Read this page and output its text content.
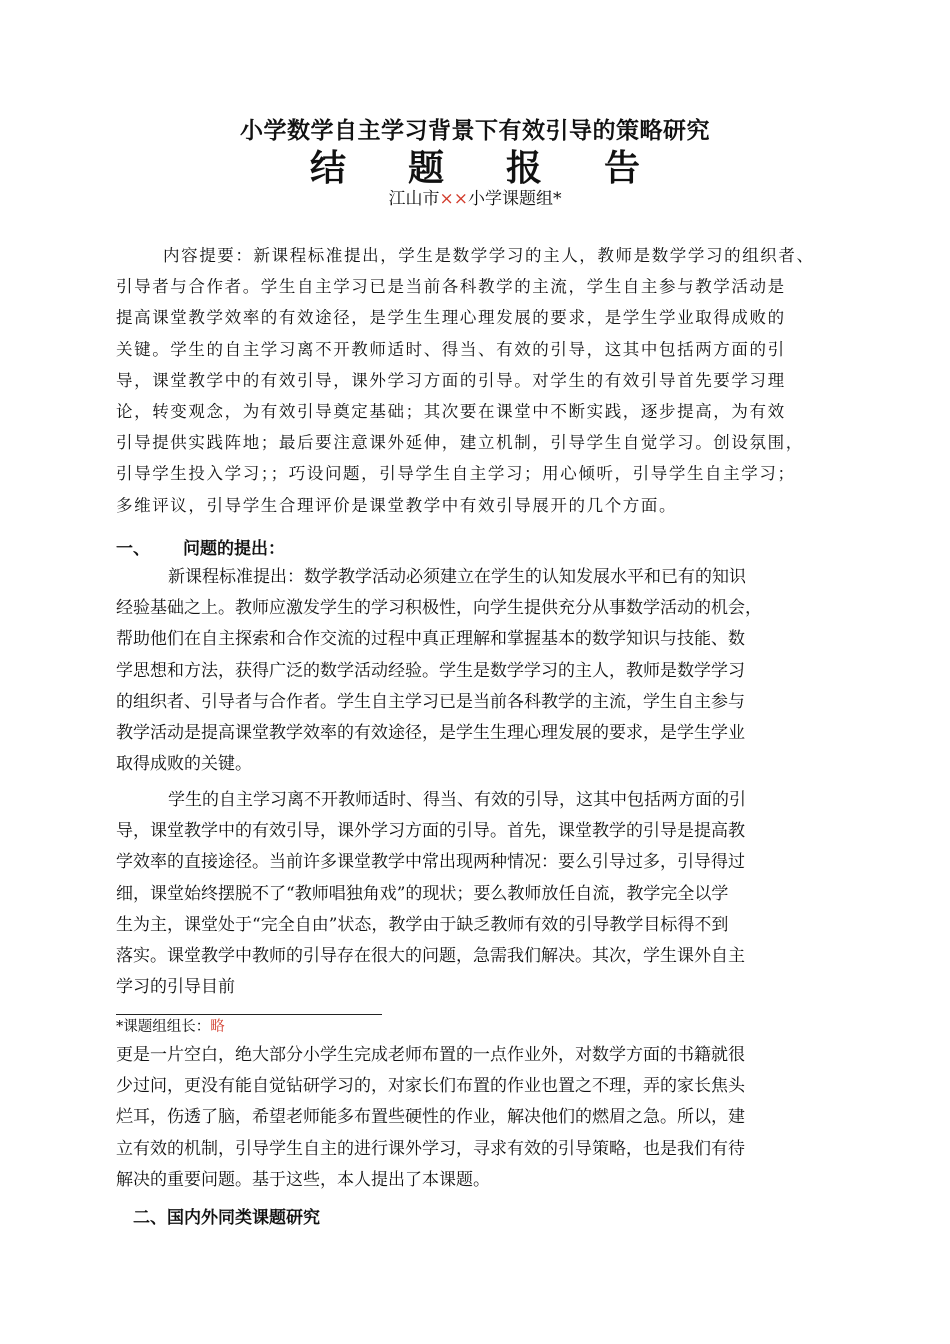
小学数学自主学习背景下有效引导的策略研究
结 题 报 告
江山市××小学课题组*
内容提要：新课程标准提出，学生是数学学习的主人，教师是数学学习的组织者、
引导者与合作者。学生自主学习已是当前各科教学的主流，学生自主参与教学活动是
提高课堂教学效率的有效途径，是学生生理心理发展的要求，是学生学业取得成败的
关键。学生的自主学习离不开教师适时、得当、有效的引导，这其中包括两方面的引
导，课堂教学中的有效引导，课外学习方面的引导。对学生的有效引导首先要学习理
论，转变观念，为有效引导奠定基础；其次要在课堂中不断实践，逐步提高，为有效
引导提供实践阵地；最后要注意课外延伸，建立机制，引导学生自觉学习。创设氛围，
引导学生投入学习；；巧设问题，引导学生自主学习；用心倾听，引导学生自主学习；
多维评议，引导学生合理评价是课堂教学中有效引导展开的几个方面。
一、 问题的提出：
新课程标准提出：数学教学活动必须建立在学生的认知发展水平和已有的知识
经验基础之上。教师应激发学生的学习积极性，向学生提供充分从事数学活动的机会，
帮助他们在自主探索和合作交流的过程中真正理解和掌握基本的数学知识与技能、数
学思想和方法，获得广泛的数学活动经验。学生是数学学习的主人，教师是数学学习
的组织者、引导者与合作者。学生自主学习已是当前各科教学的主流，学生自主参与
教学活动是提高课堂教学效率的有效途径，是学生生理心理发展的要求，是学生学业
取得成败的关键。
学生的自主学习离不开教师适时、得当、有效的引导，这其中包括两方面的引
导，课堂教学中的有效引导，课外学习方面的引导。首先，课堂教学的引导是提高教
学效率的直接途径。当前许多课堂教学中常出现两种情况：要么引导过多，引导得过
细，课堂始终摆脱不了“教师唱独角戏”的现状；要么教师放任自流，教学完全以学
生为主，课堂处于“完全自由”状态，教学由于缺乏教师有效的引导教学目标得不到
落实。课堂教学中教师的引导存在很大的问题，急需我们解决。其次，学生课外自主
学习的引导目前
*课题组组长：略
更是一片空白，绝大部分小学生完成老师布置的一点作业外，对数学方面的书籍就很
少过问，更没有能自觉钻研学习的，对家长们布置的作业也置之不理，弄的家长焦头
烂耳，伤透了脑，希望老师能多布置些硬性的作业，解决他们的燃眉之急。所以，建
立有效的机制，引导学生自主的进行课外学习，寻求有效的引导策略，也是我们有待
解决的重要问题。基于这些，本人提出了本课题。
二、国内外同类课题研究
